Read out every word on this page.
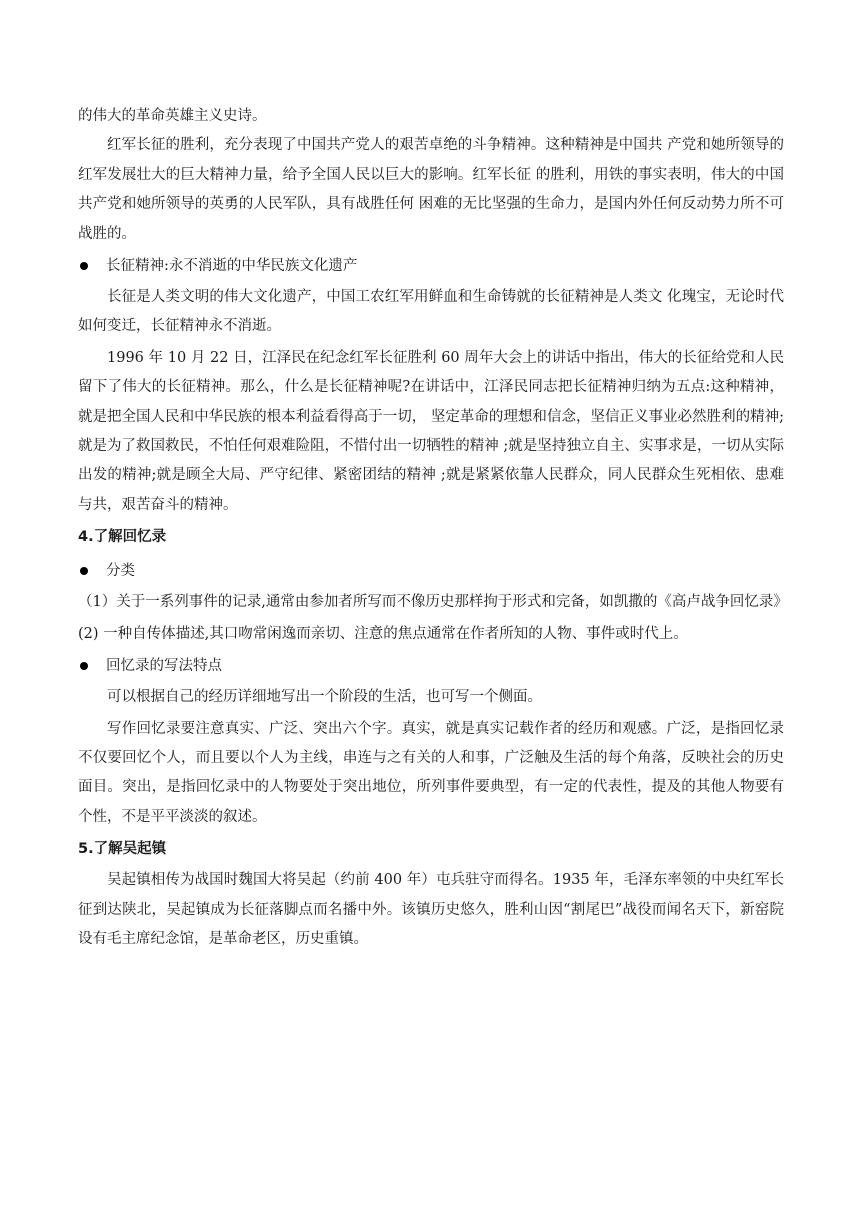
的伟大的革命英雄主义史诗。

红军长征的胜利，充分表现了中国共产党人的艰苦卓绝的斗争精神。这种精神是中国共 产党和她所领导的红军发展壮大的巨大精神力量，给予全国人民以巨大的影响。红军长征 的胜利，用铁的事实表明，伟大的中国共产党和她所领导的英勇的人民军队，具有战胜任何 困难的无比坚强的生命力，是国内外任何反动势力所不可战胜的。

长征精神:永不消逝的中华民族文化遗产

长征是人类文明的伟大文化遗产，中国工农红军用鲜血和生命铸就的长征精神是人类文 化瑰宝，无论时代如何变迁，长征精神永不消逝。

1996 年 10 月 22 日，江泽民在纪念红军长征胜利 60 周年大会上的讲话中指出，伟大的长征给党和人民留下了伟大的长征精神。那么，什么是长征精神呢?在讲话中，江泽民同志把长征精神归纳为五点:这种精神，就是把全国人民和中华民族的根本利益看得高于一切， 坚定革命的理想和信念，坚信正义事业必然胜利的精神;就是为了救国救民，不怕任何艰难险阻，不惜付出一切牺牲的精神 ;就是坚持独立自主、实事求是，一切从实际出发的精神;就是顾全大局、严守纪律、紧密团结的精神 ;就是紧紧依靠人民群众，同人民群众生死相依、患难与共，艰苦奋斗的精神。

4.了解回忆录
分类

（1）关于一系列事件的记录,通常由参加者所写而不像历史那样拘于形式和完备，如凯撒的《高卢战争回忆录》

(2) 一种自传体描述,其口吻常闲逸而亲切、注意的焦点通常在作者所知的人物、事件或时代上。

回忆录的写法特点

可以根据自己的经历详细地写出一个阶段的生活，也可写一个侧面。

写作回忆录要注意真实、广泛、突出六个字。真实，就是真实记载作者的经历和观感。广泛，是指回忆录不仅要回忆个人，而且要以个人为主线，串连与之有关的人和事，广泛触及生活的每个角落，反映社会的历史面目。突出，是指回忆录中的人物要处于突出地位，所列事件要典型，有一定的代表性，提及的其他人物要有个性，不是平平淡淡的叙述。

5.了解吴起镇

吴起镇相传为战国时魏国大将吴起（约前 400 年）屯兵驻守而得名。1935 年，毛泽东率领的中央红军长征到达陕北，吴起镇成为长征落脚点而名播中外。该镇历史悠久，胜利山因“割尾巴”战役而闻名天下，新窑院设有毛主席纪念馆，是革命老区，历史重镇。
